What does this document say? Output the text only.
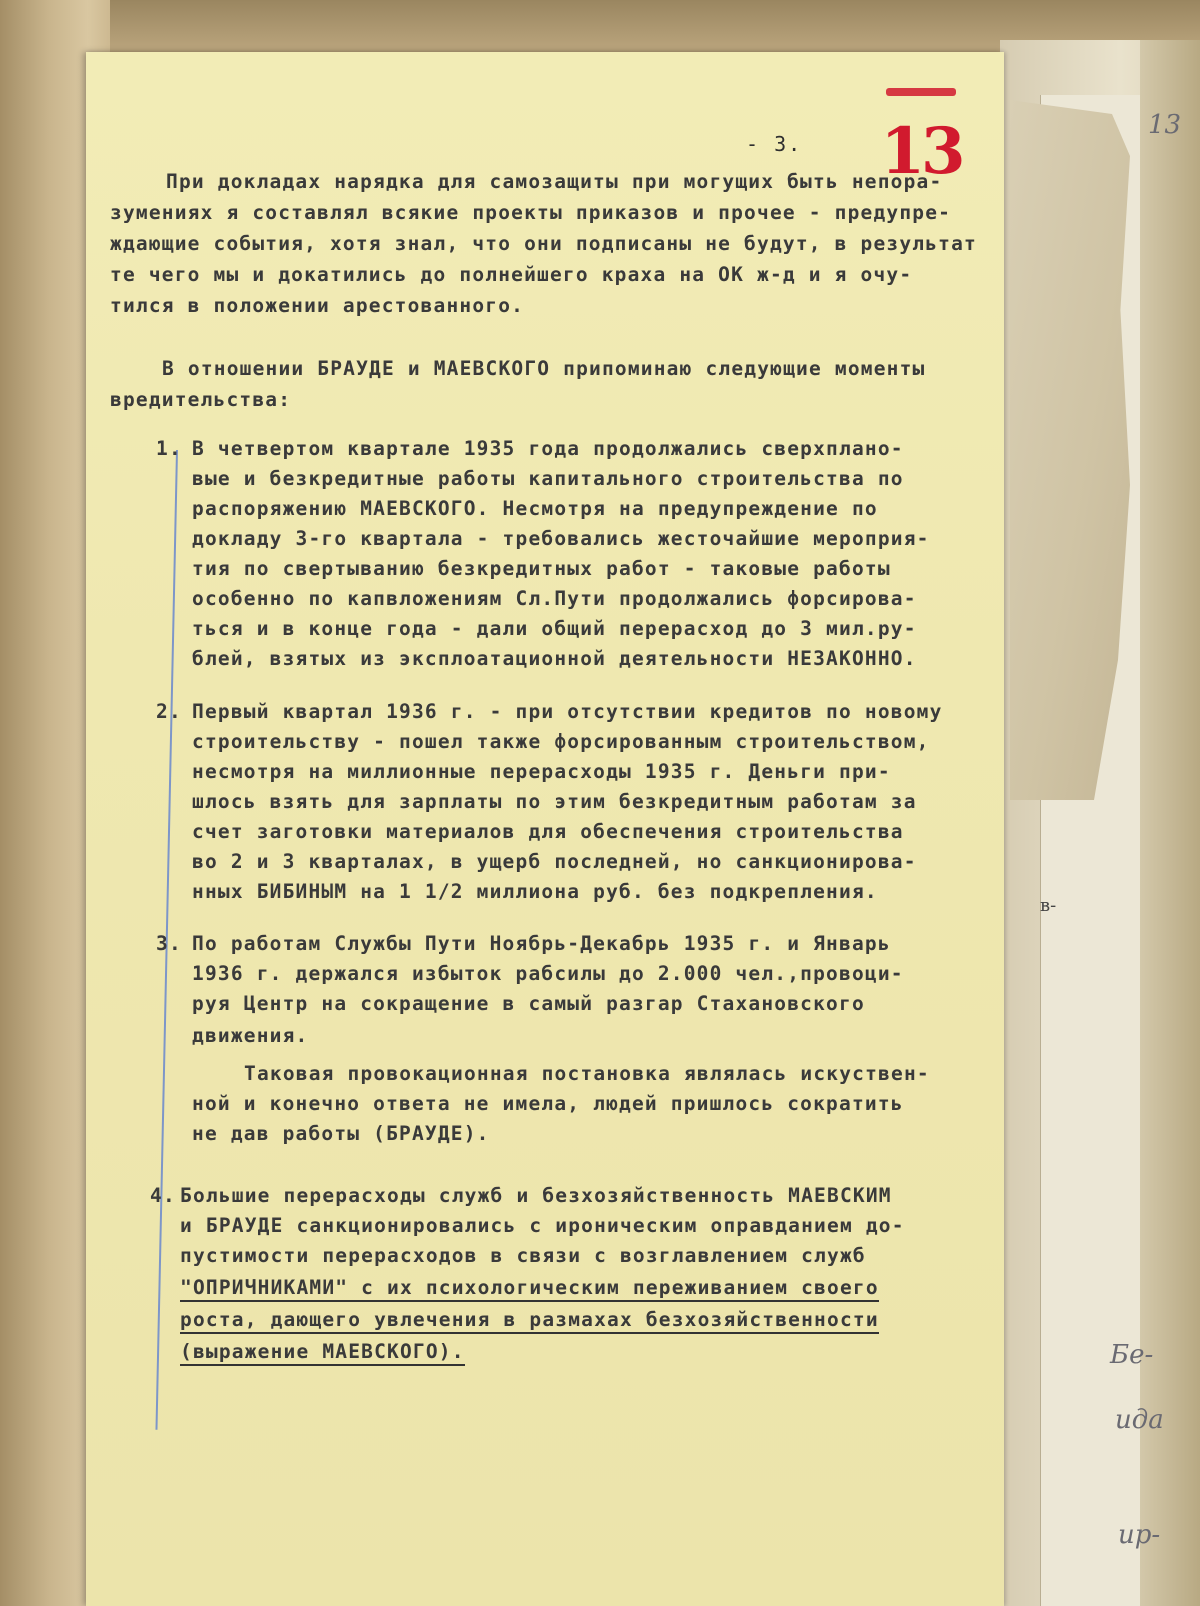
13
в-
Бе-
ида
ир-
13
- 3.
При докладах нарядка для самозащиты при могущих быть непора-
зумениях я составлял всякие проекты приказов и прочее - предупре-
ждающие события, хотя знал, что они подписаны не будут, в результат
те чего мы и докатились до полнейшего краха на ОК ж-д и я очу-
тился в положении арестованного.
В отношении БРАУДЕ и МАЕВСКОГО припоминаю следующие моменты
вредительства:
1. В четвертом квартале 1935 года продолжались сверхплано-
вые и безкредитные работы капитального строительства по
распоряжению МАЕВСКОГО. Несмотря на предупреждение по
докладу 3-го квартала - требовались жесточайшие мероприя-
тия по свертыванию безкредитных работ - таковые работы
особенно по капвложениям Сл.Пути продолжались форсирова-
ться и в конце года - дали общий перерасход до 3 мил.ру-
блей, взятых из эксплоатационной деятельности НЕЗАКОННО.
2. Первый квартал 1936 г. - при отсутствии кредитов по новому
строительству - пошел также форсированным строительством,
несмотря на миллионные перерасходы 1935 г. Деньги при-
шлось взять для зарплаты по этим безкредитным работам за
счет заготовки материалов для обеспечения строительства
во 2 и 3 кварталах, в ущерб последней, но санкционирова-
нных БИБИНЫМ на 1 1/2 миллиона руб. без подкрепления.
3. По работам Службы Пути Ноябрь-Декабрь 1935 г. и Январь
1936 г. держался избыток рабсилы до 2.000 чел.,провоци-
руя Центр на сокращение в самый разгар Стахановского
движения.
Таковая провокационная постановка являлась искуствен-
ной и конечно ответа не имела, людей пришлось сократить
не дав работы (БРАУДЕ).
4. Большие перерасходы служб и безхозяйственность МАЕВСКИМ
и БРАУДЕ санкционировались с ироническим оправданием до-
пустимости перерасходов в связи с возглавлением служб
"ОПРИЧНИКАМИ" с их психологическим переживанием своего
роста, дающего увлечения в размахах безхозяйственности
(выражение МАЕВСКОГО).
